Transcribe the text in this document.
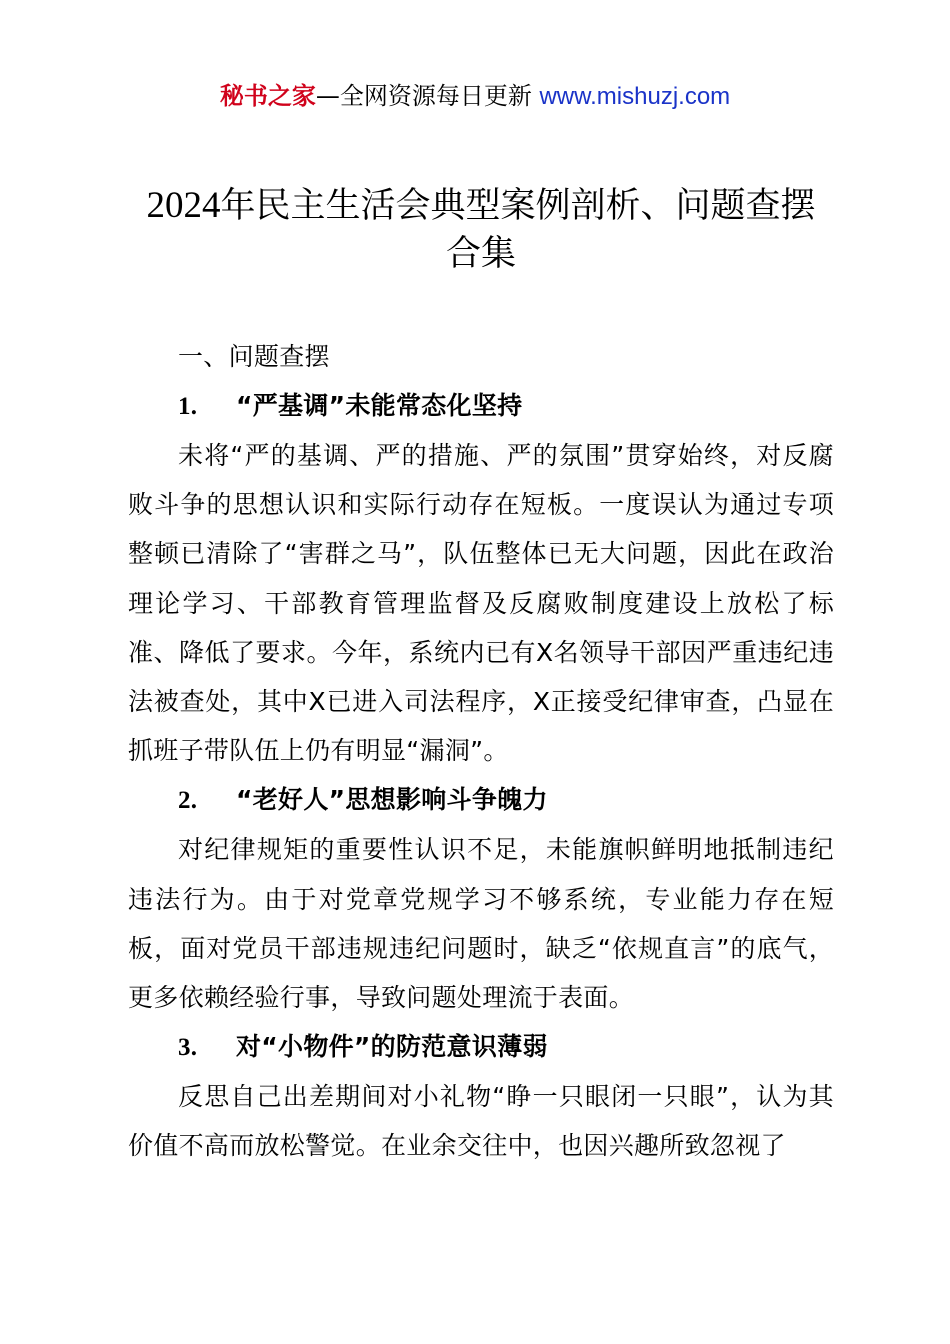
秘书之家—全网资源每日更新 www.mishuzj.com
2024年民主生活会典型案例剖析、问题查摆
合集

一、问题查摆

1. “严基调”未能常态化坚持

未将“严的基调、严的措施、严的氛围”贯穿始终，对反腐败斗争的思想认识和实际行动存在短板。一度误认为通过专项整顿已清除了“害群之马”，队伍整体已无大问题，因此在政治理论学习、干部教育管理监督及反腐败制度建设上放松了标准、降低了要求。今年，系统内已有X名领导干部因严重违纪违法被查处，其中X已进入司法程序，X正接受纪律审查，凸显在抓班子带队伍上仍有明显“漏洞”。

2. “老好人”思想影响斗争魄力

对纪律规矩的重要性认识不足，未能旗帜鲜明地抵制违纪违法行为。由于对党章党规学习不够系统，专业能力存在短板，面对党员干部违规违纪问题时，缺乏“依规直言”的底气，更多依赖经验行事，导致问题处理流于表面。

3. 对“小物件”的防范意识薄弱

反思自己出差期间对小礼物“睁一只眼闭一只眼”，认为其价值不高而放松警觉。在业余交往中，也因兴趣所致忽视了
